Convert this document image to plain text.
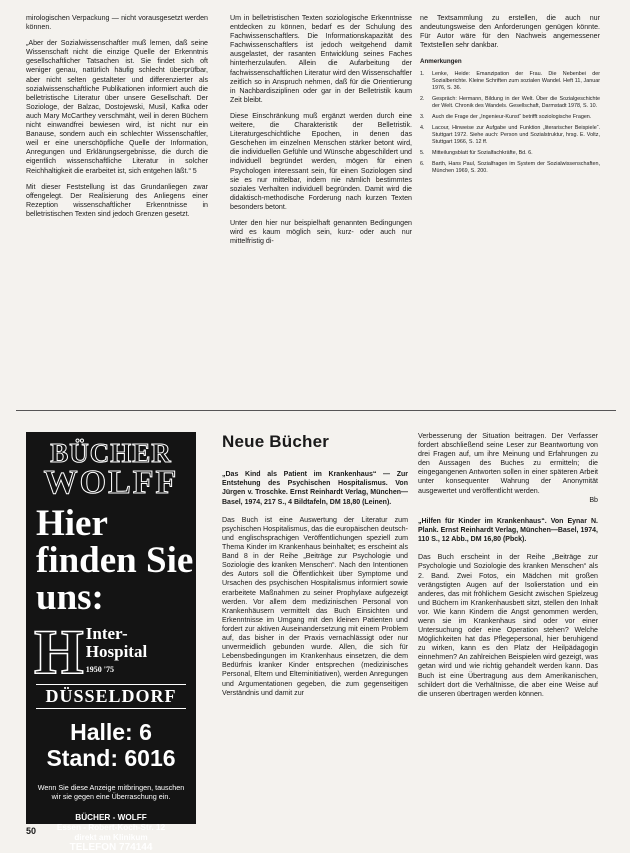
mirologischen Verpackung — nicht vorausgesetzt werden können.

„Aber der Sozialwissenschaftler muß lernen, daß seine Wissenschaft nicht die einzige Quelle der Erkenntnis gesellschaftlicher Tatsachen ist. Sie findet sich oft weniger genau, natürlich häufig schlecht überprüfbar, aber nicht selten gestalteter und differenzierter als sozialwissenschaftliche Publikationen informiert auch die belletristische Literatur über unsere Gesellschaft. Der Soziologe, der Balzac, Dostojewski, Musil, Kafka oder auch Mary McCarthey verschmäht, weil in deren Büchern nicht einwandfrei bewiesen wird, ist nicht nur ein Banause, sondern auch ein schlechter Wissenschaftler, weil er eine unerschöpfliche Quelle der Information, Anregungen und Erklärungsergebnisse, die durch die eigentlich wissenschaftliche Literatur in solcher Reichhaltigkeit die erarbeitet ist, sich entgehen läßt.“ 5

Mit dieser Feststellung ist das Grundanliegen zwar offengelegt. Der Realisierung des Anliegens einer Rezeption wissenschaftlicher Erkenntnisse in belletristischen Texten sind jedoch Grenzen gesetzt.

Um in belletristischen Texten soziologische Erkenntnisse entdecken zu können, bedarf es der Schulung des Fachwissenschaftlers. Die Informationskapazität des Fachwissenschaftlers ist jedoch weitgehend damit ausgelastet, der rasanten Entwicklung seines Faches hinterherzulaufen. Allein die Aufarbeitung der fachwissenschaftlichen Literatur wird den Wissenschaftler zeitlich so in Anspruch nehmen, daß für die Orientierung in Nachbardisziplinen oder gar in der Belletristik kaum Zeit bleibt.

Diese Einschränkung muß ergänzt werden durch eine weitere, die Charakteristik der Belletristik. Literaturgeschichtliche Epochen, in denen das Geschehen im einzelnen Menschen stärker betont wird, die individuellen Gefühle und Wünsche abgeschildert und individuell begründet werden, mögen für einen Psychologen interessant sein, für einen Soziologen sind sie es nur mittelbar, indem nie nämlich bestimmtes soziales Verhalten individuell begründen. Damit wird die didaktisch-methodische Forderung nach kurzen Texten besonders betont.

Unter den hier nur beispielhaft genannten Bedingungen wird es kaum möglich sein, kurz- oder auch nur mittelfristig di-

ne Textsammlung zu erstellen, die auch nur andeutungsweise den Anforderungen genügen könnte. Für Autor wäre für den Nachweis angemessener Textstellen sehr dankbar.

Anmerkungen
1.	Lenke, Heide: Emanzipation der Frau. Die Nebenbei der Sozialberichte. Kleine Schriften zum sozialen Wandel. Heft 11, Januar 1976, S. 36.
2.	Gespräch: Hermann, Bildung in der Welt. Über die Sozialgeschichte der Welt. Chronik des Wandels. Gesellschaft, Darmstadt 1978, S. 10.
3.	Auch die Frage der „Ingenieur-Kunst“ betrifft soziologische Fragen.
4.	Lacour, Hinweise zur Aufgabe und Funktion „literarischer Beispiele“. Stuttgart 1972. Siehe auch: Person und Sozialstruktur, hrsg. E. Voltz, Stuttgart 1966, S. 12 ff.
5.	Mitteilungsblatt für Sozialfachkräfte, Bd. 6.
6.	Barth, Hans Paul, Sozialfragen im System der Sozialwissenschaften, München 1969, S. 200.
BÜCHER
WOLFF
Hier
finden Sie
uns:
H Inter-
Hospital
1950 '75
DÜSSELDORF
Halle: 6
Stand: 6016
Wenn Sie diese Anzeige mitbringen, tauschen wir sie gegen eine Überraschung ein.
BÜCHER - WOLFF
Essen - Robert-Koch-Str. 12
direkt am Klinikum
TELEFON 774144
Neue Bücher

„Das Kind als Patient im Krankenhaus“ — Zur Entstehung des Psychischen Hospitalismus. Von Jürgen v. Troschke. Ernst Reinhardt Verlag, München—Basel, 1974, 217 S., 4 Bildtafeln, DM 18,80 (Leinen).

Das Buch ist eine Auswertung der Literatur zum psychischen Hospitalismus, das die europäischen deutsch- und englischsprachigen Veröffentlichungen speziell zum Thema Kinder im Krankenhaus beinhaltet; es erscheint als Band 8 in der Reihe „Beiträge zur Psychologie und Soziologie des kranken Menschen“. Nach den Intentionen des Autors soll die Öffentlichkeit über Symptome und Ursachen des psychischen Hospitalismus informiert sowie erarbeitete Maßnahmen zu seiner Prophylaxe aufgezeigt werden. Vor allem dem medizinischen Personal von Krankenhäusern vermittelt das Buch Einsichten und Erkenntnisse im Umgang mit den kleinen Patienten und fordert zur aktiven Auseinandersetzung mit einem Problem auf, das bisher in der Praxis vernachlässigt oder nur unvermeidlich gebunden wurde. Allen, die sich für Lebensbedingungen im Krankenhaus einsetzen, die dem Bedürfnis kranker Kinder entsprechen (medizinisches Personal, Eltern und Elterninitiativen), werden Anregungen und Argumentationen gegeben, die zum gegenseitigen Verständnis und damit zur

Verbesserung der Situation beitragen. Der Verfasser fordert abschließend seine Leser zur Beantwortung von drei Fragen auf, um ihre Meinung und Erfahrungen zu den Aussagen des Buches zu ermitteln; die eingegangenen Antworten sollen in einer späteren Arbeit unter konsequenter Wahrung der Anonymität ausgewertet und veröffentlicht werden.

Bb

„Hilfen für Kinder im Krankenhaus“. Von Eynar N. Plank. Ernst Reinhardt Verlag, München—Basel, 1974, 110 S., 12 Abb., DM 16,80 (Pbck).

Das Buch erscheint in der Reihe „Beiträge zur Psychologie und Soziologie des kranken Menschen“ als 2. Band. Zwei Fotos, ein Mädchen mit großen verängstigten Augen auf der Isolierstation und ein anderes, das mit fröhlichem Gesicht zwischen Spielzeug und Büchern im Krankenhausbett sitzt, stellen den Inhalt vor. Wie kann Kindern die Angst genommen werden, wenn sie im Krankenhaus sind oder vor einer Untersuchung oder eine Operation stehen? Welche Möglichkeiten hat das Pflegepersonal, hier beruhigend zu wirken, kann es den Platz der Heilpädagogin einnehmen? An zahlreichen Beispielen wird gezeigt, was getan wird und wie richtig gehandelt werden kann. Das Buch ist eine Übertragung aus dem Amerikanischen, schildert dort die Verhältnisse, die aber eine Weise auf die unseren übertragen werden können.

50
